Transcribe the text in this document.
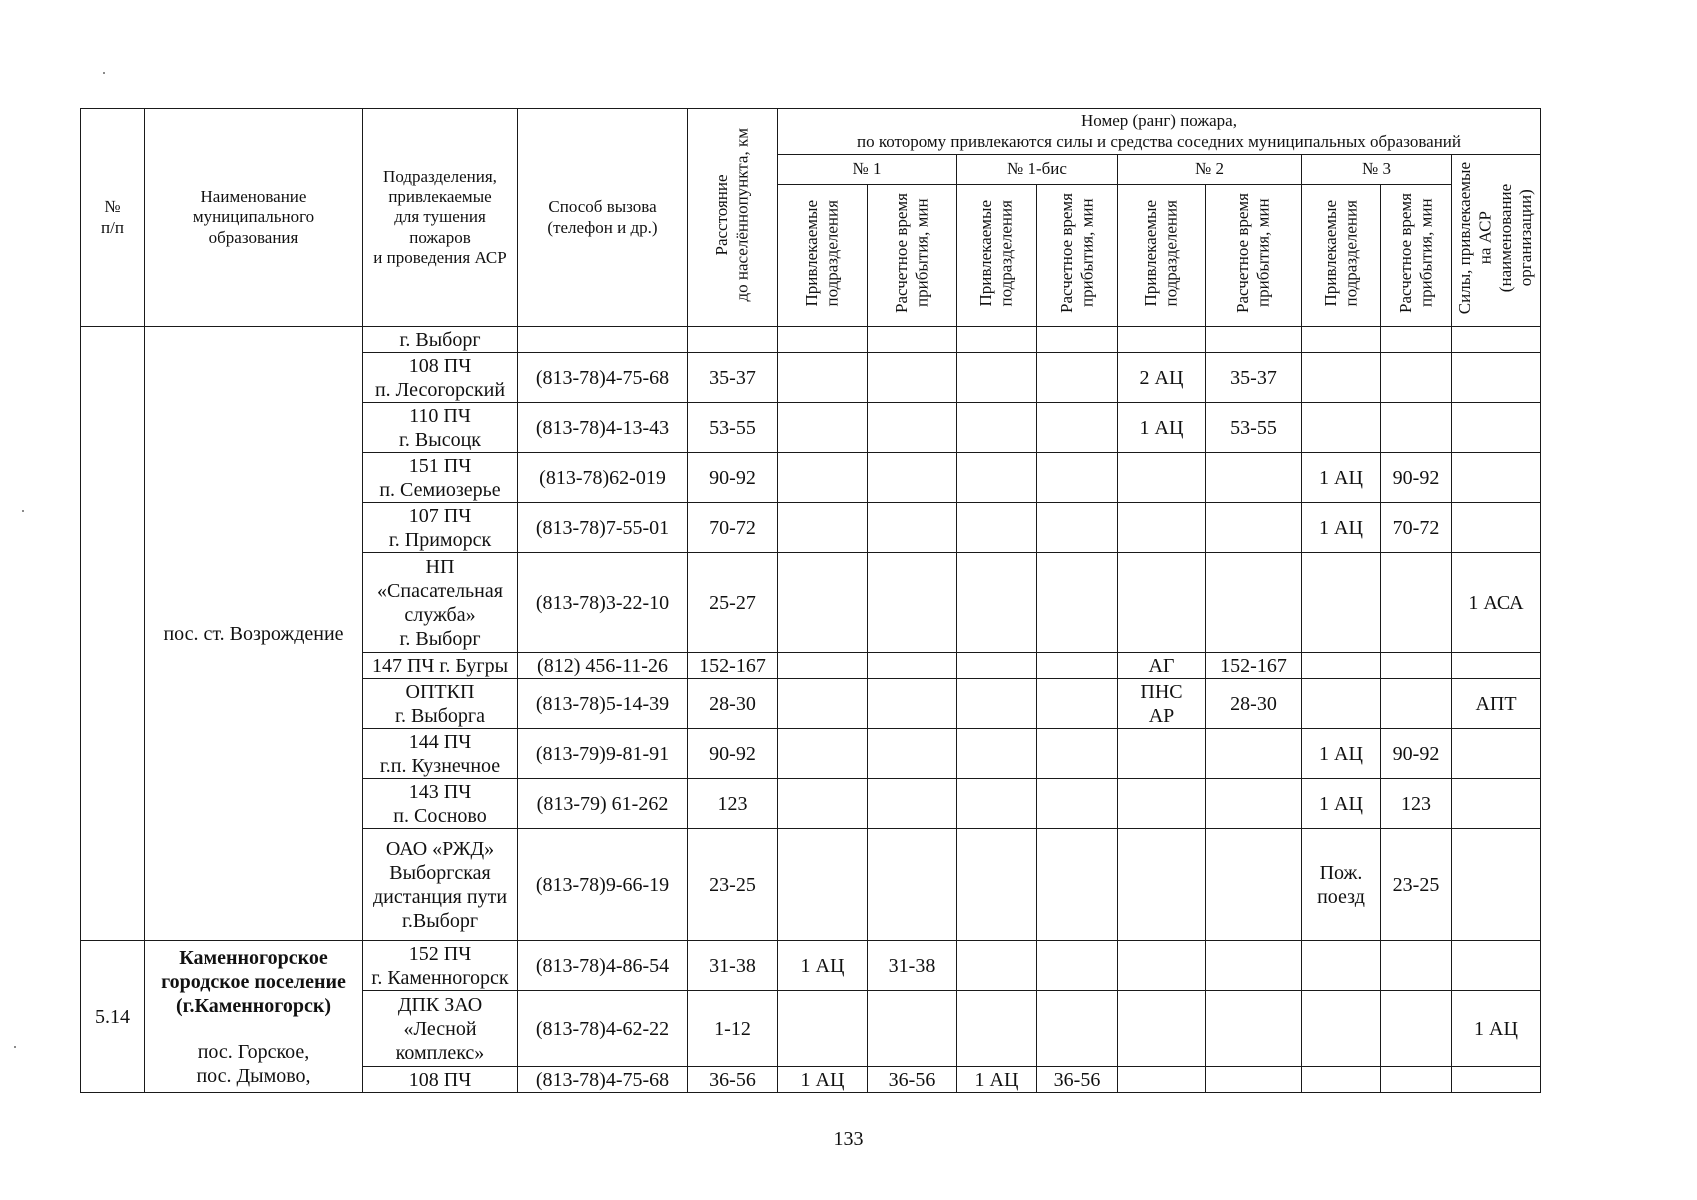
№
п/п	Наименование
муниципального
образования	Подразделения,
привлекаемые
для тушения
пожаров
и проведения АСР	Способ вызова
(телефон и др.)	Расстояние
до населённопункта, км	Номер (ранг) пожара,
по которому привлекаются силы и средства соседних муниципальных образований								
					№ 1		№ 1-бис		№ 2		№ 3		Силы, привлекаемые
на АСР
(наименование
организации)
					Привлекаемые
подразделения	Расчетное время
прибытия, мин	Привлекаемые
подразделения	Расчетное время
прибытия, мин	Привлекаемые
подразделения	Расчетное время
прибытия, мин	Привлекаемые
подразделения	Расчетное время
прибытия, мин	
	пос. ст. Возрождение	г. Выборг											
		108 ПЧ
п. Лесогорский	(813-78)4-75-68	35-37					2 АЦ	35-37			
		110 ПЧ
г. Высоцк	(813-78)4-13-43	53-55					1 АЦ	53-55			
		151 ПЧ
п. Семиозерье	(813-78)62-019	90-92							1 АЦ	90-92	
		107 ПЧ
г. Приморск	(813-78)7-55-01	70-72							1 АЦ	70-72	
		НП
«Спасательная
служба»
г. Выборг	(813-78)3-22-10	25-27									1 АСА
		147 ПЧ г. Бугры	(812) 456-11-26	152-167					АГ	152-167			
		ОПТКП
г. Выборга	(813-78)5-14-39	28-30					ПНС
АР	28-30			АПТ
		144 ПЧ
г.п. Кузнечное	(813-79)9-81-91	90-92							1 АЦ	90-92	
		143 ПЧ
п. Сосново	(813-79) 61-262	123							1 АЦ	123	
		ОАО «РЖД»
Выборгская
дистанция пути
г.Выборг	(813-78)9-66-19	23-25							Пож.
поезд	23-25	
5.14	Каменногорское
городское поселение
(г.Каменногорск)
пос. Горское,
пос. Дымово,	152 ПЧ
г. Каменногорск	(813-78)4-86-54	31-38	1 АЦ	31-38							
		ДПК ЗАО
«Лесной
комплекс»	(813-78)4-62-22	1-12									1 АЦ
		108 ПЧ	(813-78)4-75-68	36-56	1 АЦ	36-56	1 АЦ	36-56					
133
